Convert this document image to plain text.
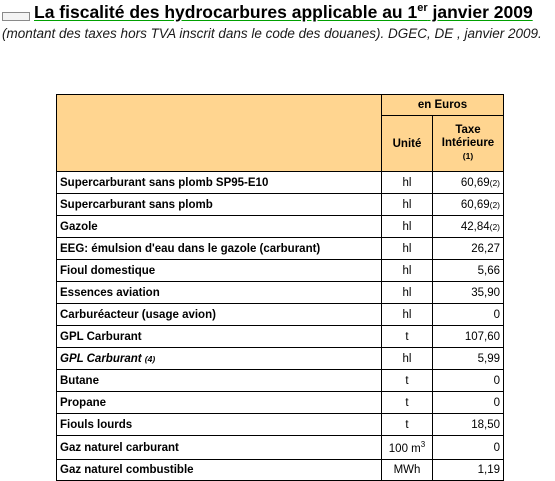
La fiscalité des hydrocarbures applicable au 1er janvier 2009
(montant des taxes hors TVA inscrit dans le code des douanes). DGEC, DE , janvier 2009.
	en Euros	
	Unité	Taxe
Intérieure
(1)

Supercarburant sans plomb SP95-E10	hl	60,69(2)
Supercarburant sans plomb	hl	60,69(2)
Gazole	hl	42,84(2)
EEG: émulsion d'eau dans le gazole (carburant)	hl	26,27
Fioul domestique	hl	5,66
Essences aviation	hl	35,90
Carburéacteur (usage avion)	hl	0
GPL Carburant	t	107,60
GPL Carburant (4)	hl	5,99
Butane	t	0
Propane	t	0
Fiouls lourds	t	18,50
Gaz naturel carburant	100 $m^3$	0
Gaz naturel combustible	MWh	1,19
